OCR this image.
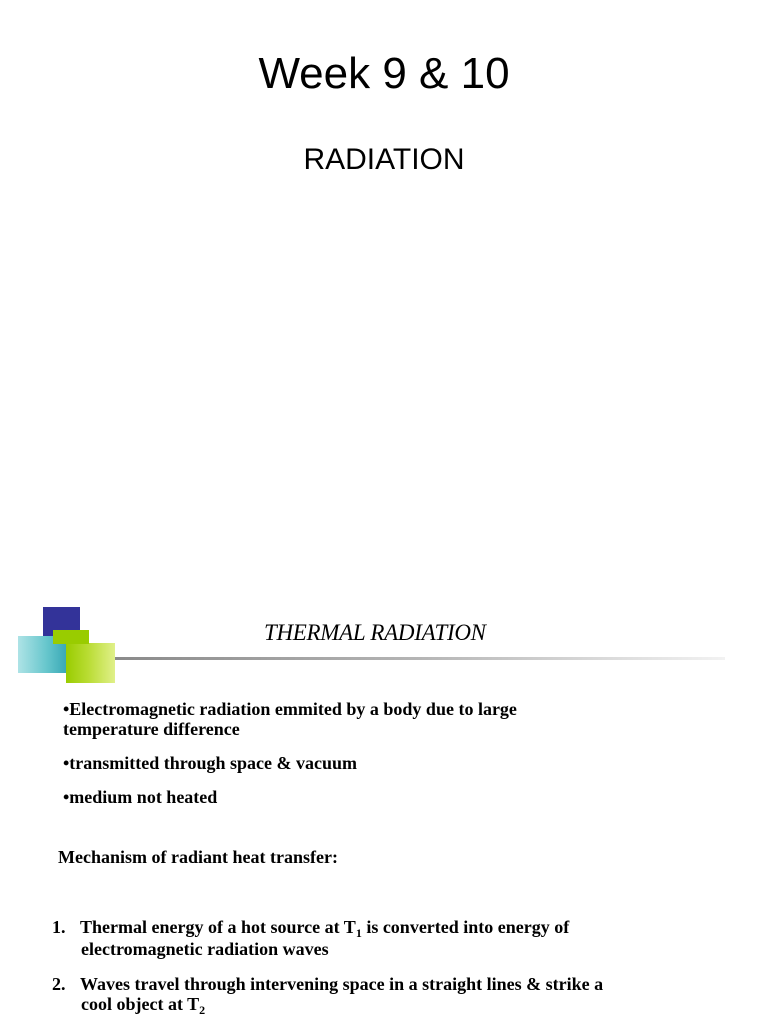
Week 9 & 10
RADIATION
THERMAL RADIATION
•Electromagnetic radiation emmited by a body due to large
temperature difference
•transmitted through space & vacuum
•medium not heated
Mechanism of radiant heat transfer:
1. Thermal energy of a hot source at $T_1$ is converted into energy of
electromagnetic radiation waves
2. Waves travel through intervening space in a straight lines & strike a
cool object at $T_2$
